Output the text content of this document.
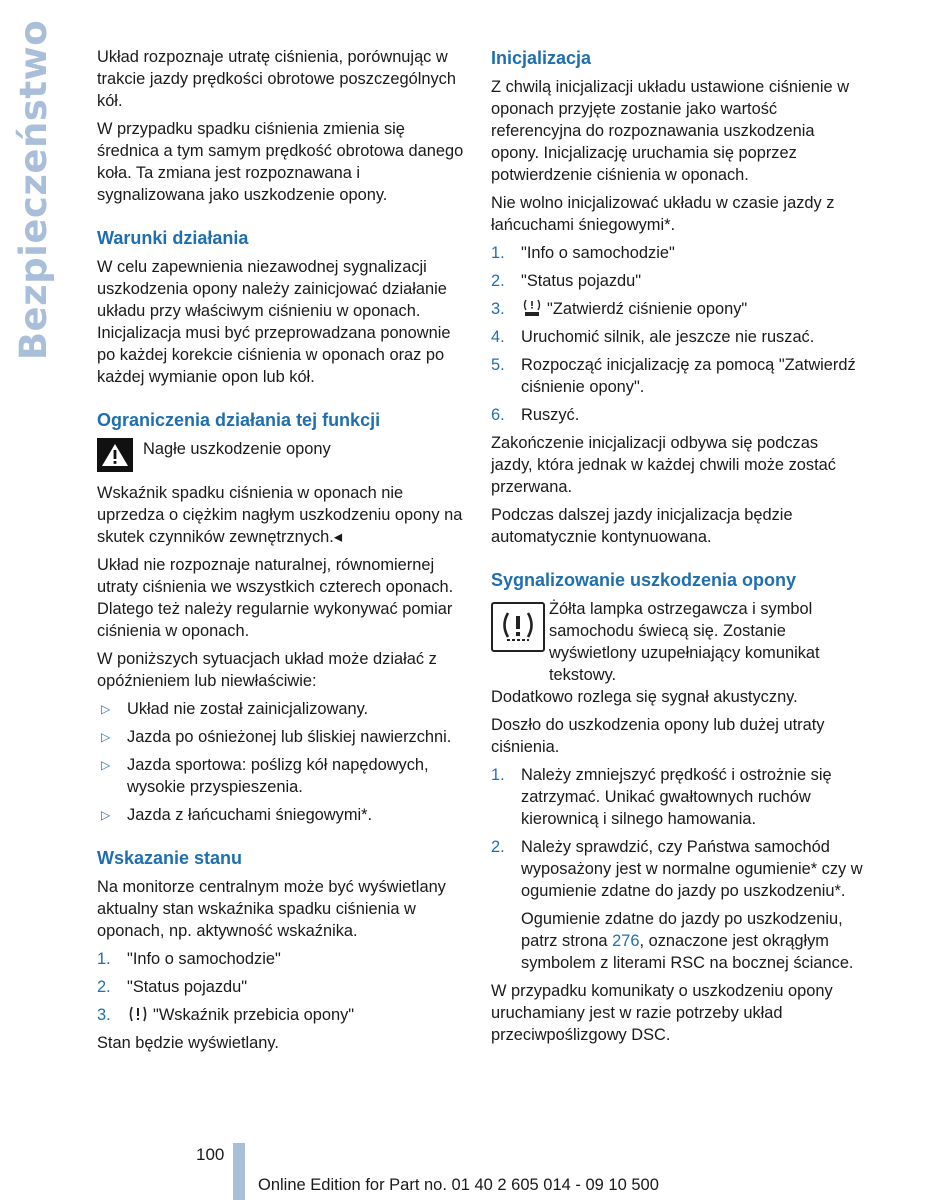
Bezpieczeństwo	Układ rozpoznaje utratę ciśnienia, porównując w trakcie jazdy prędkości obrotowe poszczególnych kół.

W przypadku spadku ciśnienia zmienia się średnica a tym samym prędkość obrotowa danego koła. Ta zmiana jest rozpoznawana i sygnalizowana jako uszkodzenie opony.

Warunki działania

W celu zapewnienia niezawodnej sygnalizacji uszkodzenia opony należy zainicjować działanie układu przy właściwym ciśnieniu w oponach. Inicjalizacja musi być przeprowadzana ponownie po każdej korekcie ciśnienia w oponach oraz po każdej wymianie opon lub kół.

Ograniczenia działania tej funkcji

Nagłe uszkodzenie opony

Wskaźnik spadku ciśnienia w oponach nie uprzedza o ciężkim nagłym uszkodzeniu opony na skutek czynników zewnętrznych.◂

Układ nie rozpoznaje naturalnej, równomiernej utraty ciśnienia we wszystkich czterech oponach. Dlatego też należy regularnie wykonywać pomiar ciśnienia w oponach.

W poniższych sytuacjach układ może działać z opóźnieniem lub niewłaściwie:

▷ Układ nie został zainicjalizowany.
▷ Jazda po ośnieżonej lub śliskiej nawierzchni.
▷ Jazda sportowa: poślizg kół napędowych, wysokie przyspieszenia.
▷ Jazda z łańcuchami śniegowymi*.
Wskazanie stanu

Na monitorze centralnym może być wyświetlany aktualny stan wskaźnika spadku ciśnienia w oponach, np. aktywność wskaźnika.

1. "Info o samochodzie"
2. "Status pojazdu"
3.	"Wskaźnik przebicia opony"

Stan będzie wyświetlany.

Inicjalizacja

Z chwilą inicjalizacji układu ustawione ciśnienie w oponach przyjęte zostanie jako wartość referencyjna do rozpoznawania uszkodzenia opony. Inicjalizację uruchamia się poprzez potwierdzenie ciśnienia w oponach.

Nie wolno inicjalizować układu w czasie jazdy z łańcuchami śniegowymi*.

1. "Info o samochodzie"
2. "Status pojazdu"
3.	"Zatwierdź ciśnienie opony"
4. Uruchomić silnik, ale jeszcze nie ruszać.
5. Rozpocząć inicjalizację za pomocą "Zatwierdź ciśnienie opony".
6. Ruszyć.

Zakończenie inicjalizacji odbywa się podczas jazdy, która jednak w każdej chwili może zostać przerwana.

Podczas dalszej jazdy inicjalizacja będzie automatycznie kontynuowana.

Sygnalizowanie uszkodzenia opony

Żółta lampka ostrzegawcza i symbol samochodu świecą się. Zostanie wyświetlony uzupełniający komunikat tekstowy.

Dodatkowo rozlega się sygnał akustyczny.

Doszło do uszkodzenia opony lub dużej utraty ciśnienia.

1. Należy zmniejszyć prędkość i ostrożnie się zatrzymać. Unikać gwałtownych ruchów kierownicą i silnego hamowania.
2. Należy sprawdzić, czy Państwa samochód wyposażony jest w normalne ogumienie* czy w ogumienie zdatne do jazdy po uszkodzeniu*.

Ogumienie zdatne do jazdy po uszkodzeniu, patrz strona 276, oznaczone jest okrągłym symbolem z literami RSC na bocznej ściance.

W przypadku komunikaty o uszkodzeniu opony uruchamiany jest w razie potrzeby układ przeciwpoślizgowy DSC.

100
Online Edition for Part no. 01 40 2 605 014 - 09 10 500
